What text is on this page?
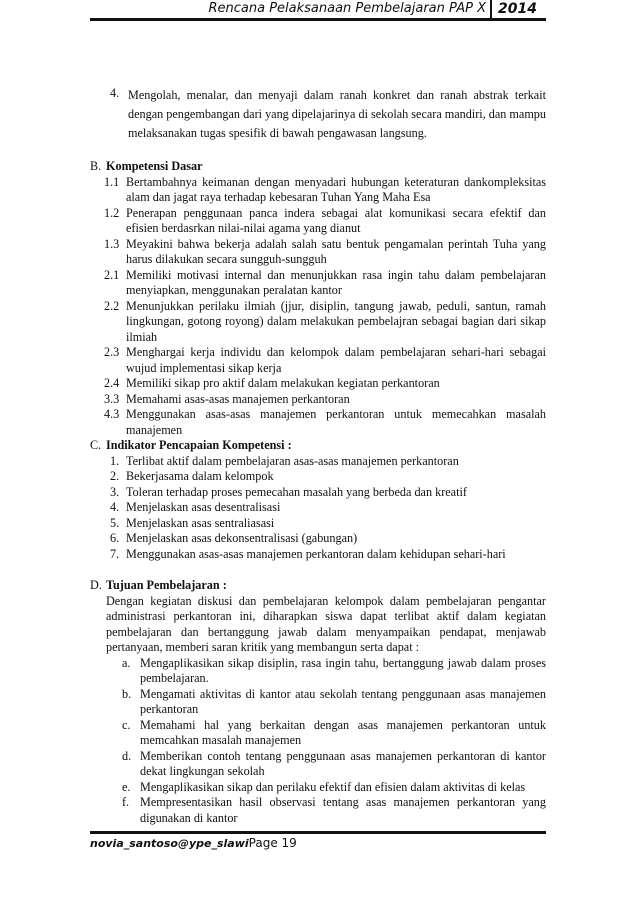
Rencana Pelaksanaan Pembelajaran PAP X 2014
4. Mengolah, menalar, dan menyaji dalam ranah konkret dan ranah abstrak terkait dengan pengembangan dari yang dipelajarinya di sekolah secara mandiri, dan mampu melaksanakan tugas spesifik di bawah pengawasan langsung.
B. Kompetensi Dasar
1.1 Bertambahnya keimanan dengan menyadari hubungan keteraturan dankompleksitas alam dan jagat raya terhadap kebesaran Tuhan Yang Maha Esa
1.2 Penerapan penggunaan panca indera sebagai alat komunikasi secara efektif dan efisien berdasrkan nilai-nilai agama yang dianut
1.3 Meyakini bahwa bekerja adalah salah satu bentuk pengamalan perintah Tuha yang harus dilakukan secara sungguh-sungguh
2.1 Memiliki motivasi internal dan menunjukkan rasa ingin tahu dalam pembelajaran menyiapkan, menggunakan peralatan kantor
2.2 Menunjukkan perilaku ilmiah (jjur, disiplin, tangung jawab, peduli, santun, ramah lingkungan, gotong royong) dalam melakukan pembelajran sebagai bagian dari sikap ilmiah
2.3 Menghargai kerja individu dan kelompok dalam pembelajaran sehari-hari sebagai wujud implementasi sikap kerja
2.4 Memiliki sikap pro aktif dalam melakukan kegiatan perkantoran
3.3 Memahami asas-asas manajemen perkantoran
4.3 Menggunakan asas-asas manajemen perkantoran untuk memecahkan masalah manajemen
C. Indikator Pencapaian Kompetensi :
1. Terlibat aktif dalam pembelajaran asas-asas manajemen perkantoran
2. Bekerjasama dalam kelompok
3. Toleran terhadap proses pemecahan masalah yang berbeda dan kreatif
4. Menjelaskan asas desentralisasi
5. Menjelaskan asas sentraliasasi
6. Menjelaskan asas dekonsentralisasi (gabungan)
7. Menggunakan asas-asas manajemen perkantoran dalam kehidupan sehari-hari
D. Tujuan Pembelajaran :
Dengan kegiatan diskusi dan pembelajaran kelompok dalam pembelajaran pengantar administrasi perkantoran ini, diharapkan siswa dapat terlibat aktif dalam kegiatan pembelajaran dan bertanggung jawab dalam menyampaikan pendapat, menjawab pertanyaan, memberi saran kritik yang membangun serta dapat :
a. Mengaplikasikan sikap disiplin, rasa ingin tahu, bertanggung jawab dalam proses pembelajaran.
b. Mengamati aktivitas di kantor atau sekolah tentang penggunaan asas manajemen perkantoran
c. Memahami hal yang berkaitan dengan asas manajemen perkantoran untuk memcahkan masalah manajemen
d. Memberikan contoh tentang penggunaan asas manajemen perkantoran di kantor dekat lingkungan sekolah
e. Mengaplikasikan sikap dan perilaku efektif dan efisien dalam aktivitas di kelas
f. Mempresentasikan hasil observasi tentang asas manajemen perkantoran yang digunakan di kantor
novia_santoso@ype_slawiPage 19
